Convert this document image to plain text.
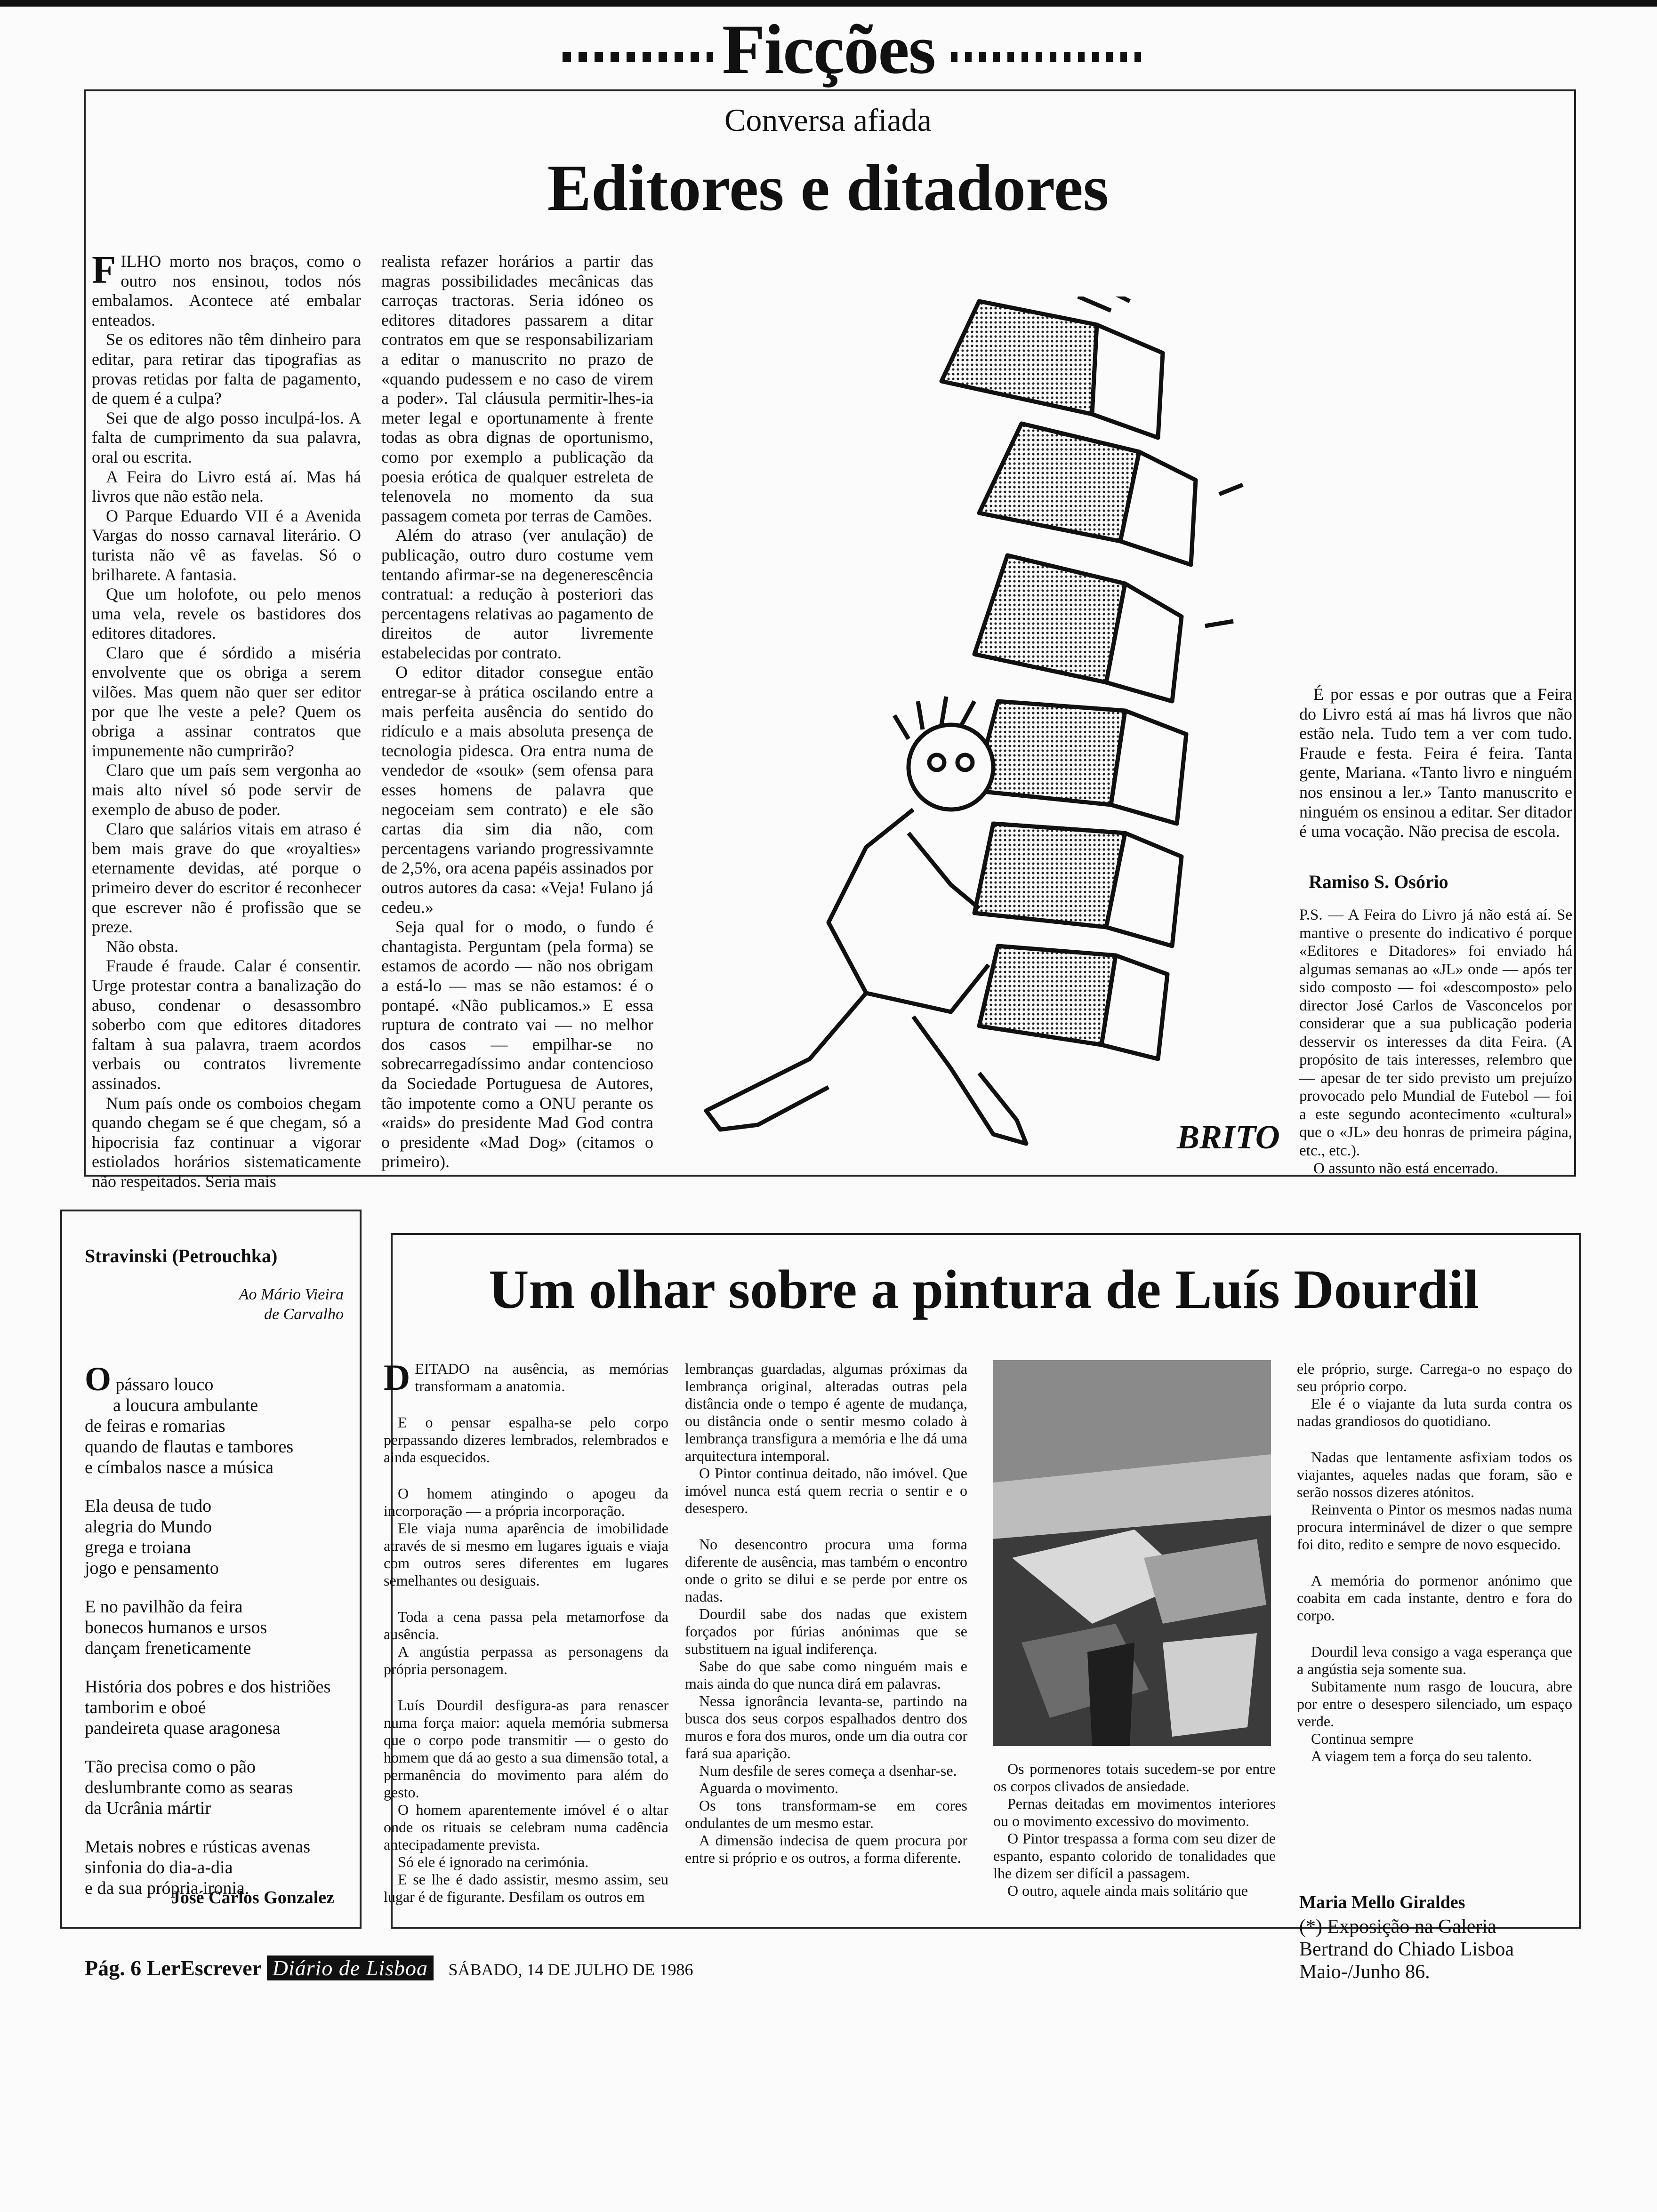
Ficções
Conversa afiada
Editores e ditadores
F ILHO morto nos braços, como o outro nos ensinou, todos nós embalamos. Acontece até embalar enteados.

Se os editores não têm dinheiro para editar, para retirar das tipografias as provas retidas por falta de pagamento, de quem é a culpa?

Sei que de algo posso inculpá-los. A falta de cumprimento da sua palavra, oral ou escrita.

A Feira do Livro está aí. Mas há livros que não estão nela.

O Parque Eduardo VII é a Avenida Vargas do nosso carnaval literário. O turista não vê as favelas. Só o brilharete. A fantasia.

Que um holofote, ou pelo menos uma vela, revele os bastidores dos editores ditadores.

Claro que é sórdido a miséria envolvente que os obriga a serem vilões. Mas quem não quer ser editor por que lhe veste a pele? Quem os obriga a assinar contratos que impunemente não cumprirão?

Claro que um país sem vergonha ao mais alto nível só pode servir de exemplo de abuso de poder.

Claro que salários vitais em atraso é bem mais grave do que «royalties» eternamente devidas, até porque o primeiro dever do escritor é reconhecer que escrever não é profissão que se preze.

Não obsta.

Fraude é fraude. Calar é consentir. Urge protestar contra a banalização do abuso, condenar o desassombro soberbo com que editores ditadores faltam à sua palavra, traem acordos verbais ou contratos livremente assinados.

Num país onde os comboios chegam quando chegam se é que chegam, só a hipocrisia faz continuar a vigorar estiolados horários sistematicamente não respeitados. Seria mais

realista refazer horários a partir das magras possibilidades mecânicas das carroças tractoras. Seria idóneo os editores ditadores passarem a ditar contratos em que se responsabilizariam a editar o manuscrito no prazo de «quando pudessem e no caso de virem a poder». Tal cláusula permitir-lhes-ia meter legal e oportunamente à frente todas as obra dignas de oportunismo, como por exemplo a publicação da poesia erótica de qualquer estreleta de telenovela no momento da sua passagem cometa por terras de Camões.

Além do atraso (ver anulação) de publicação, outro duro costume vem tentando afirmar-se na degenerescência contratual: a redução à posteriori das percentagens relativas ao pagamento de direitos de autor livremente estabelecidas por contrato.

O editor ditador consegue então entregar-se à prática oscilando entre a mais perfeita ausência do sentido do ridículo e a mais absoluta presença de tecnologia pidesca. Ora entra numa de vendedor de «souk» (sem ofensa para esses homens de palavra que negoceiam sem contrato) e ele são cartas dia sim dia não, com percentagens variando progressivamnte de 2,5%, ora acena papéis assinados por outros autores da casa: «Veja! Fulano já cedeu.»

Seja qual for o modo, o fundo é chantagista. Perguntam (pela forma) se estamos de acordo — não nos obrigam a está-lo — mas se não estamos: é o pontapé. «Não publicamos.» E essa ruptura de contrato vai — no melhor dos casos — empilhar-se no sobrecarregadíssimo andar contencioso da Sociedade Portuguesa de Autores, tão impotente como a ONU perante os «raids» do presidente Mad God contra o presidente «Mad Dog» (citamos o primeiro).

BRITO

É por essas e por outras que a Feira do Livro está aí mas há livros que não estão nela. Tudo tem a ver com tudo. Fraude e festa. Feira é feira. Tanta gente, Mariana. «Tanto livro e ninguém nos ensinou a ler.» Tanto manuscrito e ninguém os ensinou a editar. Ser ditador é uma vocação. Não precisa de escola.

Ramiso S. Osório

P.S. — A Feira do Livro já não está aí. Se mantive o presente do indicativo é porque «Editores e Ditadores» foi enviado há algumas semanas ao «JL» onde — após ter sido composto — foi «descomposto» pelo director José Carlos de Vasconcelos por considerar que a sua publicação poderia desservir os interesses da dita Feira. (A propósito de tais interesses, relembro que — apesar de ter sido previsto um prejuízo provocado pelo Mundial de Futebol — foi a este segundo acontecimento «cultural» que o «JL» deu honras de primeira página, etc., etc.).

O assunto não está encerrado.

Stravinski (Petrouchka)
Ao Mário Vieira
de Carvalho
O pássaro louco
a loucura ambulante
de feiras e romarias
quando de flautas e tambores
e címbalos nasce a música
Ela deusa de tudo
alegria do Mundo
grega e troiana
jogo e pensamento
E no pavilhão da feira
bonecos humanos e ursos
dançam freneticamente
História dos pobres e dos histriões
tamborim e oboé
pandeireta quase aragonesa
Tão precisa como o pão
deslumbrante como as searas
da Ucrânia mártir
Metais nobres e rústicas avenas
sinfonia do dia-a-dia
e da sua própria ironia.
José Carlos Gonzalez
Um olhar sobre a pintura de Luís Dourdil
D EITADO na ausência, as memórias transformam a anatomia.

E o pensar espalha-se pelo corpo perpassando dizeres lembrados, relembrados e ainda esquecidos.

O homem atingindo o apogeu da incorporação — a própria incorporação.

Ele viaja numa aparência de imobilidade através de si mesmo em lugares iguais e viaja com outros seres diferentes em lugares semelhantes ou desiguais.

Toda a cena passa pela metamorfose da ausência.

A angústia perpassa as personagens da própria personagem.

Luís Dourdil desfigura-as para renascer numa força maior: aquela memória submersa que o corpo pode transmitir — o gesto do homem que dá ao gesto a sua dimensão total, a permanência do movimento para além do gesto.

O homem aparentemente imóvel é o altar onde os rituais se celebram numa cadência antecipadamente prevista.

Só ele é ignorado na cerimónia.

E se lhe é dado assistir, mesmo assim, seu lugar é de figurante. Desfilam os outros em

lembranças guardadas, algumas próximas da lembrança original, alteradas outras pela distância onde o tempo é agente de mudança, ou distância onde o sentir mesmo colado à lembrança transfigura a memória e lhe dá uma arquitectura intemporal.

O Pintor continua deitado, não imóvel. Que imóvel nunca está quem recria o sentir e o desespero.

No desencontro procura uma forma diferente de ausência, mas também o encontro onde o grito se dilui e se perde por entre os nadas.

Dourdil sabe dos nadas que existem forçados por fúrias anónimas que se substituem na igual indiferença.

Sabe do que sabe como ninguém mais e mais ainda do que nunca dirá em palavras.

Nessa ignorância levanta-se, partindo na busca dos seus corpos espalhados dentro dos muros e fora dos muros, onde um dia outra cor fará sua aparição.

Num desfile de seres começa a dsenhar-se.

Aguarda o movimento.

Os tons transformam-se em cores ondulantes de um mesmo estar.

A dimensão indecisa de quem procura por entre si próprio e os outros, a forma diferente.

Os pormenores totais sucedem-se por entre os corpos clivados de ansiedade.

Pernas deitadas em movimentos interiores ou o movimento excessivo do movimento.

O Pintor trespassa a forma com seu dizer de espanto, espanto colorido de tonalidades que lhe dizem ser difícil a passagem.

O outro, aquele ainda mais solitário que

ele próprio, surge. Carrega-o no espaço do seu próprio corpo.

Ele é o viajante da luta surda contra os nadas grandiosos do quotidiano.

Nadas que lentamente asfixiam todos os viajantes, aqueles nadas que foram, são e serão nossos dizeres atónitos.

Reinventa o Pintor os mesmos nadas numa procura interminável de dizer o que sempre foi dito, redito e sempre de novo esquecido.

A memória do pormenor anónimo que coabita em cada instante, dentro e fora do corpo.

Dourdil leva consigo a vaga esperança que a angústia seja somente sua.

Subitamente num rasgo de loucura, abre por entre o desespero silenciado, um espaço verde.

Continua sempre

A viagem tem a força do seu talento.

Maria Mello Giraldes
(*) Exposição na Galeria Bertrand do Chiado Lisboa Maio-/Junho 86.
Pág. 6 LerEscrever Diário de Lisboa SÁBADO, 14 DE JULHO DE 1986
